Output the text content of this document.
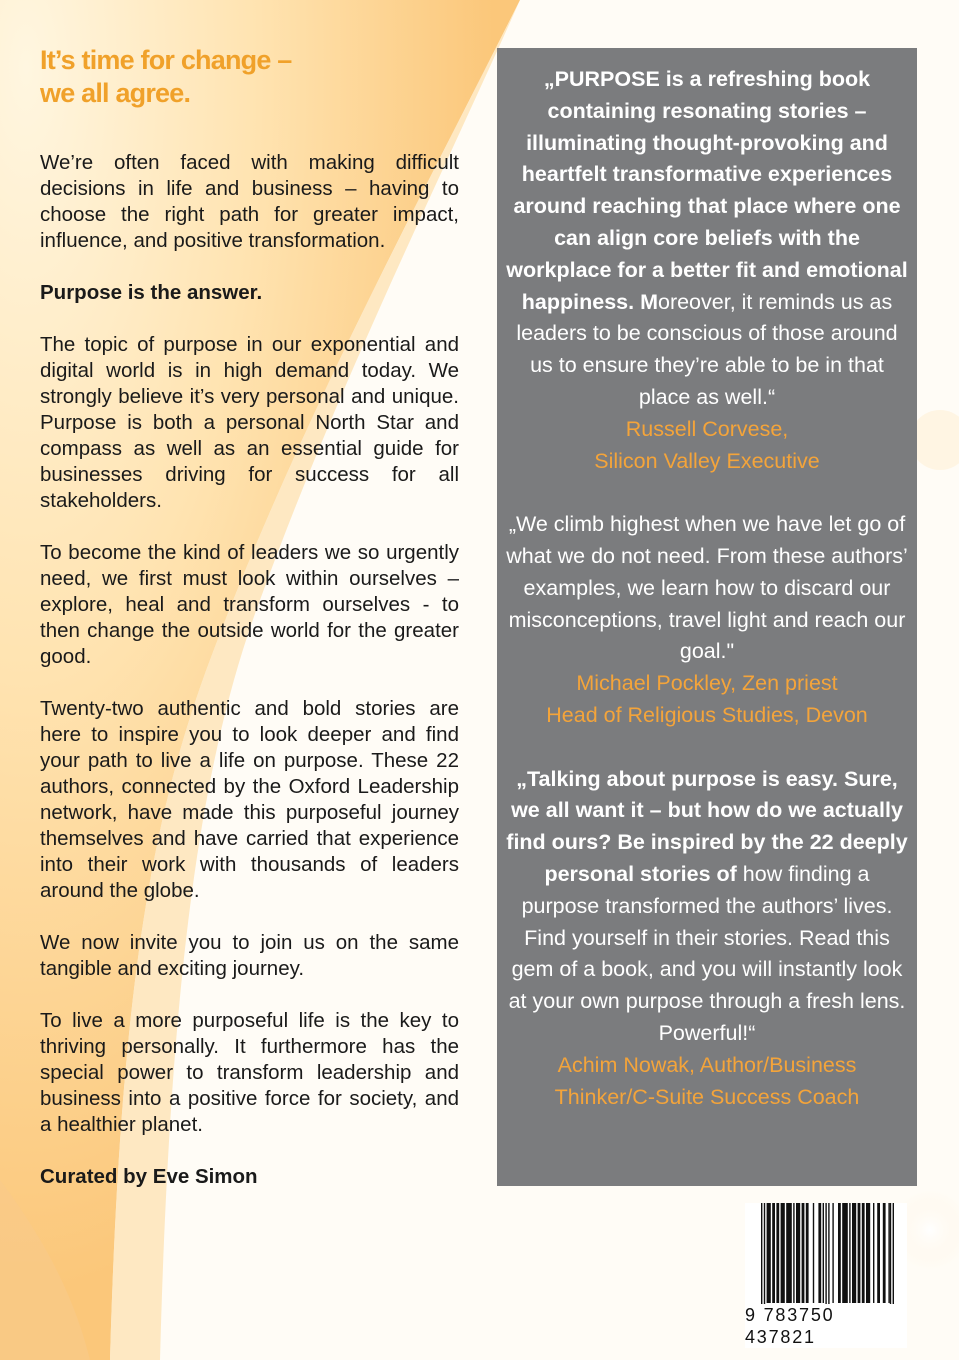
It’s time for change –
we all agree.

We’re often faced with making difficult decisions in life and business – having to choose the right path for greater impact, influence, and positive transformation.

Purpose is the answer.

The topic of purpose in our exponential and digital world is in high demand today. We strongly believe it’s very personal and unique. Purpose is both a personal North Star and compass as well as an essential guide for businesses driving for success for all stakeholders.

To become the kind of leaders we so urgently need, we first must look within ourselves – explore, heal and transform ourselves - to then change the outside world for the greater good.

Twenty-two authentic and bold stories are here to inspire you to look deeper and find your path to live a life on purpose. These 22 authors, connected by the Oxford Leadership network, have made this purposeful journey themselves and have carried that experience into their work with thousands of leaders around the globe.

We now invite you to join us on the same tangible and exciting journey.

To live a more purposeful life is the key to thriving personally. It furthermore has the special power to transform leadership and business into a positive force for society, and a healthier planet.

Curated by Eve Simon

„PURPOSE is a refreshing book containing resonating stories – illuminating thought-provoking and heartfelt transformative experiences around reaching that place where one can align core beliefs with the workplace for a better fit and emotional happiness. Moreover, it reminds us as leaders to be conscious of those around us to ensure they’re able to be in that place as well.“
Russell Corvese,
Silicon Valley Executive
„We climb highest when we have let go of what we do not need. From these authors’ examples, we learn how to discard our misconceptions, travel light and reach our goal."
Michael Pockley, Zen priest
Head of Religious Studies, Devon
„Talking about purpose is easy. Sure, we all want it – but how do we actually find ours? Be inspired by the 22 deeply personal stories of how finding a purpose transformed the authors’ lives. Find yourself in their stories. Read this gem of a book, and you will instantly look at your own purpose through a fresh lens. Powerful!“
Achim Nowak, Author/Business
Thinker/C-Suite Success Coach
9 783750 437821
